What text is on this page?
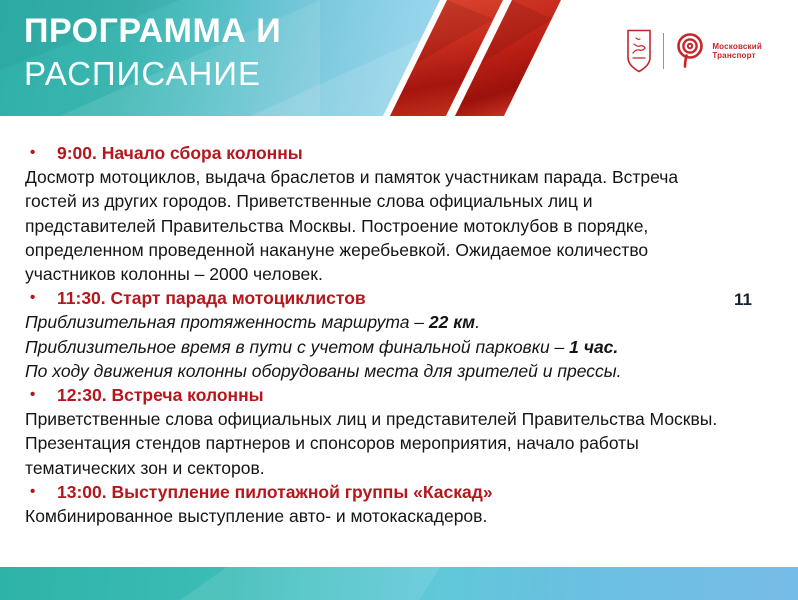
ПРОГРАММА И
РАСПИСАНИЕ
Московский
Транспорт
•	9:00. Начало сбора колонны
Досмотр мотоциклов, выдача браслетов и памяток участникам парада. Встреча
гостей из других городов. Приветственные слова официальных лиц и
представителей Правительства Москвы. Построение мотоклубов в порядке,
определенном проведенной накануне жеребьевкой. Ожидаемое количество
участников колонны – 2000 человек.
•	11:30. Старт парада мотоциклистов
Приблизительная протяженность маршрута – 22 км.
Приблизительное время в пути с учетом финальной парковки – 1 час.
По ходу движения колонны оборудованы места для зрителей и прессы.
•	12:30. Встреча колонны
Приветственные слова официальных лиц и представителей Правительства Москвы.
Презентация стендов партнеров и спонсоров мероприятия, начало работы
тематических зон и секторов.
•	13:00. Выступление пилотажной группы «Каскад»
Комбинированное выступление авто- и мотокаскадеров.
11
